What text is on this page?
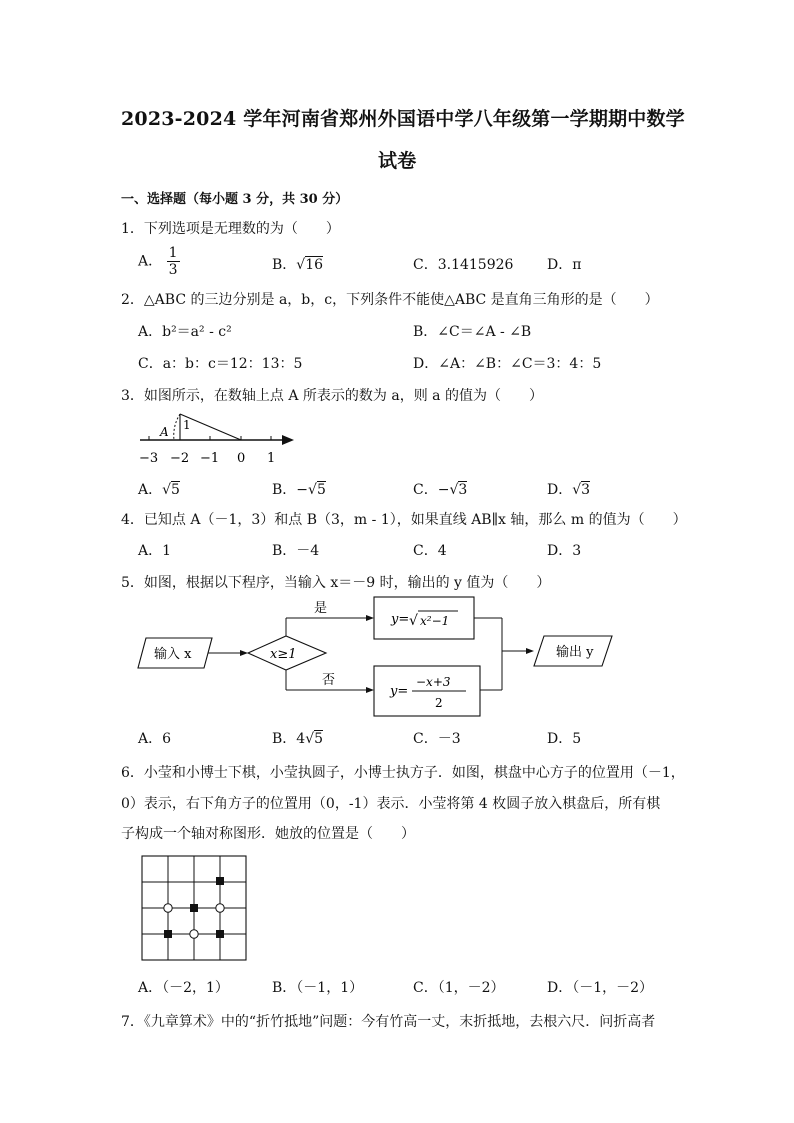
2023-2024 学年河南省郑州外国语中学八年级第一学期期中数学
试卷
一、选择题（每小题 3 分，共 30 分）
1．下列选项是无理数的为（　　）
A． $\frac{1}{3}$	B．√16	C．3.1415926 D．π
2．△ABC 的三边分别是 a，b，c，下列条件不能使△ABC 是直角三角形的是（　　）
A．b²＝a² - c²	B．∠C＝∠A - ∠B
C．a：b：c＝12：13：5	D．∠A：∠B：∠C＝3：4：5
3．如图所示，在数轴上点 A 所表示的数为 a，则 a 的值为（　　）
A 1
−3 −2 −1 0 1
A．√5	B．−√5	C．−√3	D．√3
4．已知点 A（－1，3）和点 B（3，m - 1），如果直线 AB∥x 轴，那么 m 的值为（　　）
A．1	B．－4	C．4	D．3
5．如图，根据以下程序，当输入 x＝－9 时，输出的 y 值为（　　）
输入 x	x≥1
是
y= √ x²−1
否
y=
−x+3
2
输出 y
A．6	B．4√5	C．－3	D．5
6．小莹和小博士下棋，小莹执圆子，小博士执方子．如图，棋盘中心方子的位置用（－1，
0）表示，右下角方子的位置用（0，-1）表示．小莹将第 4 枚圆子放入棋盘后，所有棋
子构成一个轴对称图形．她放的位置是（　　）
A．（－2，1）	B．（－1，1）	C．（1，－2）	D．（－1，－2）
7．《九章算术》中的“折竹抵地”问题：今有竹高一丈，末折抵地，去根六尺．问折高者
